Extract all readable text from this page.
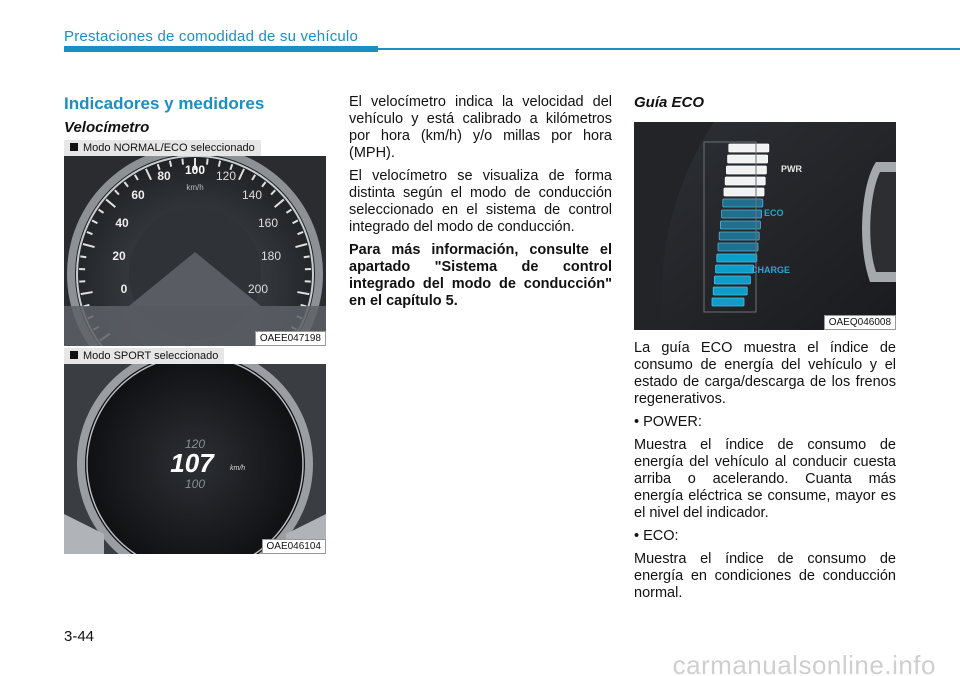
Prestaciones de comodidad de su vehículo
Indicadores y medidores
Velocímetro
Modo NORMAL/ECO seleccionado
km/h
0
20
40
60
80 100 120
140
160
180
200
OAEE047198
Modo SPORT seleccionado
120
107 km/h
100
OAE046104

El velocímetro indica la velocidad del vehículo y está calibrado a kilómetros por hora (km/h) y/o millas por hora (MPH).

El velocímetro se visualiza de forma distinta según el modo de conducción seleccionado en el sistema de control integrado del modo de conducción.

Para más información, consulte el apartado "Sistema de control integrado del modo de conducción" en el capítulo 5.

Guía ECO
PWR
ECO
CHARGE
OAEQ046008

La guía ECO muestra el índice de consumo de energía del vehículo y el estado de carga/descarga de los frenos regenerativos.

• POWER:

Muestra el índice de consumo de energía del vehículo al conducir cuesta arriba o acelerando. Cuanta más energía eléctrica se consume, mayor es el nivel del indicador.

• ECO:

Muestra el índice de consumo de energía en condiciones de conducción normal.

3-44
carmanualsonline.info
